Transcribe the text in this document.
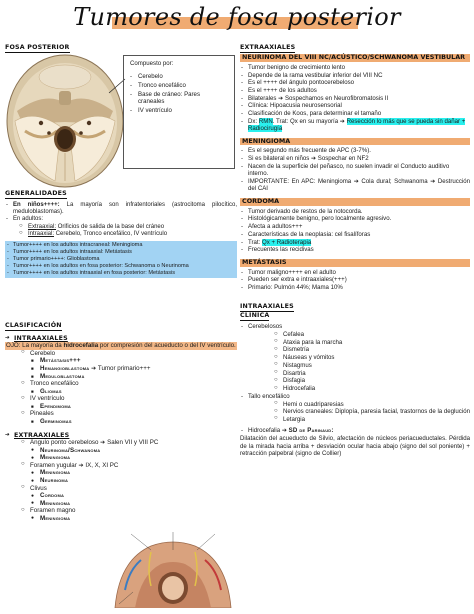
Tumores de fosa posterior
FOSA POSTERIOR
Compuesto por:
- Cerebelo
- Tronco encefálico
- Base de cráneo: Pares craneales
- IV ventrículo
GENERALIDADES
- En niños++++: La mayoría son infratentoriales (astrocitoma pilocítico, meduloblastomas).
- En adultos:
○ Extraaxial: Orificios de salida de la base del cráneo
○ Intraaxial: Cerebelo, Tronco encefálico, IV ventrículo
- Tumor++++ en los adultos intracraneal: Meningioma
- Tumor++++ en los adultos intraaxial: Metástasis
- Tumor primario++++: Glioblastoma
- Tumor++++ en los adultos en fosa posterior: Schwanoma o Neurinoma
- Tumor++++ en los adultos intraaxial en fosa posterior: Metástasis
CLASIFICACIÓN
➔ INTRAAXIALES
OJO: La mayoría da hidrocefalia por compresión del acueducto o del IV ventrículo.
○ Cerebelo
■ Metástasis+++
■ Hemangioblastoma ➔ Tumor primario+++
■ Meduloblastoma
○ Tronco encefálico
■ Gliomas
○ IV ventrículo
■ Ependimoma
○ Pineales
■ Germinomas
➔ EXTRAAXIALES
○ Ángulo ponto cerebeloso ➔ Salen VII y VIII PC
● Neurinoma/Schwanoma
● Meningioma
○ Foramen yugular ➔ IX, X, XI PC
● Meningioma
● Neurinoma
○ Clivus
● Cordoma
● Meningioma
○ Foramen magno
● Meningioma
EXTRAAXIALES
NEURINOMA DEL VIII NC/ACÚSTICO/SCHWANOMA VESTIBULAR
- Tumor benigno de crecimiento lento
- Depende de la rama vestibular inferior del VIII NC
- Es el ++++ del ángulo pontocerebeloso
- Es el ++++ de los adultos
- Bilaterales ➔ Sospechamos en Neurofibromatosis II
- Clínica: Hipoacusia neurosensorial
- Clasificación de Koos, para determinar el tamaño
- Dx: RMN. Trat: Qx en su mayoría ➔ Resección lo más que se pueda sin dañar + Radiocirugía
MENINGIOMA
- Es el segundo más frecuente de APC (3-7%).
- Si es bilateral en niños ➔ Sospechar en NF2
- Nacen de la superficie del peñasco, no suelen invadir el Conducto auditivo interno.
- IMPORTANTE: En APC: Meningioma ➔ Cola dural; Schwanoma ➔ Destrucción del CAI
CORDOMA
- Tumor derivado de restos de la notocorda.
- Histológicamente benigno, pero localmente agresivo.
- Afecta a adultos+++
- Características de la neoplasia: cel fisalíforas
- Trat: Qx + Radioterapia
- Frecuentes las recidivas
METÁSTASIS
- Tumor maligno++++ en el adulto
- Pueden ser extra e intraaxiales(+++)
- Primario: Pulmón 44%; Mama 10%
INTRAAXIALES
CLÍNICA
- Cerebelosos
○ Cefalea
○ Ataxia para la marcha
○ Dismetría
○ Náuseas y vómitos
○ Nistagmus
○ Disartria
○ Disfagia
○ Hidrocefalia
- Tallo encefálico
○ Hemi o cuadriparesias
○ Nervios craneales: Diplopía, paresia facial, trastornos de la deglución
○ Letargia
- Hidrocefalia ➔ SD de Parinaud:
Dilatación del acueducto de Silvio, afectación de núcleos periacueductales. Pérdida de la mirada hacia arriba + desviación ocular hacia abajo (signo del sol poniente) + retracción palpebral (signo de Collier)
